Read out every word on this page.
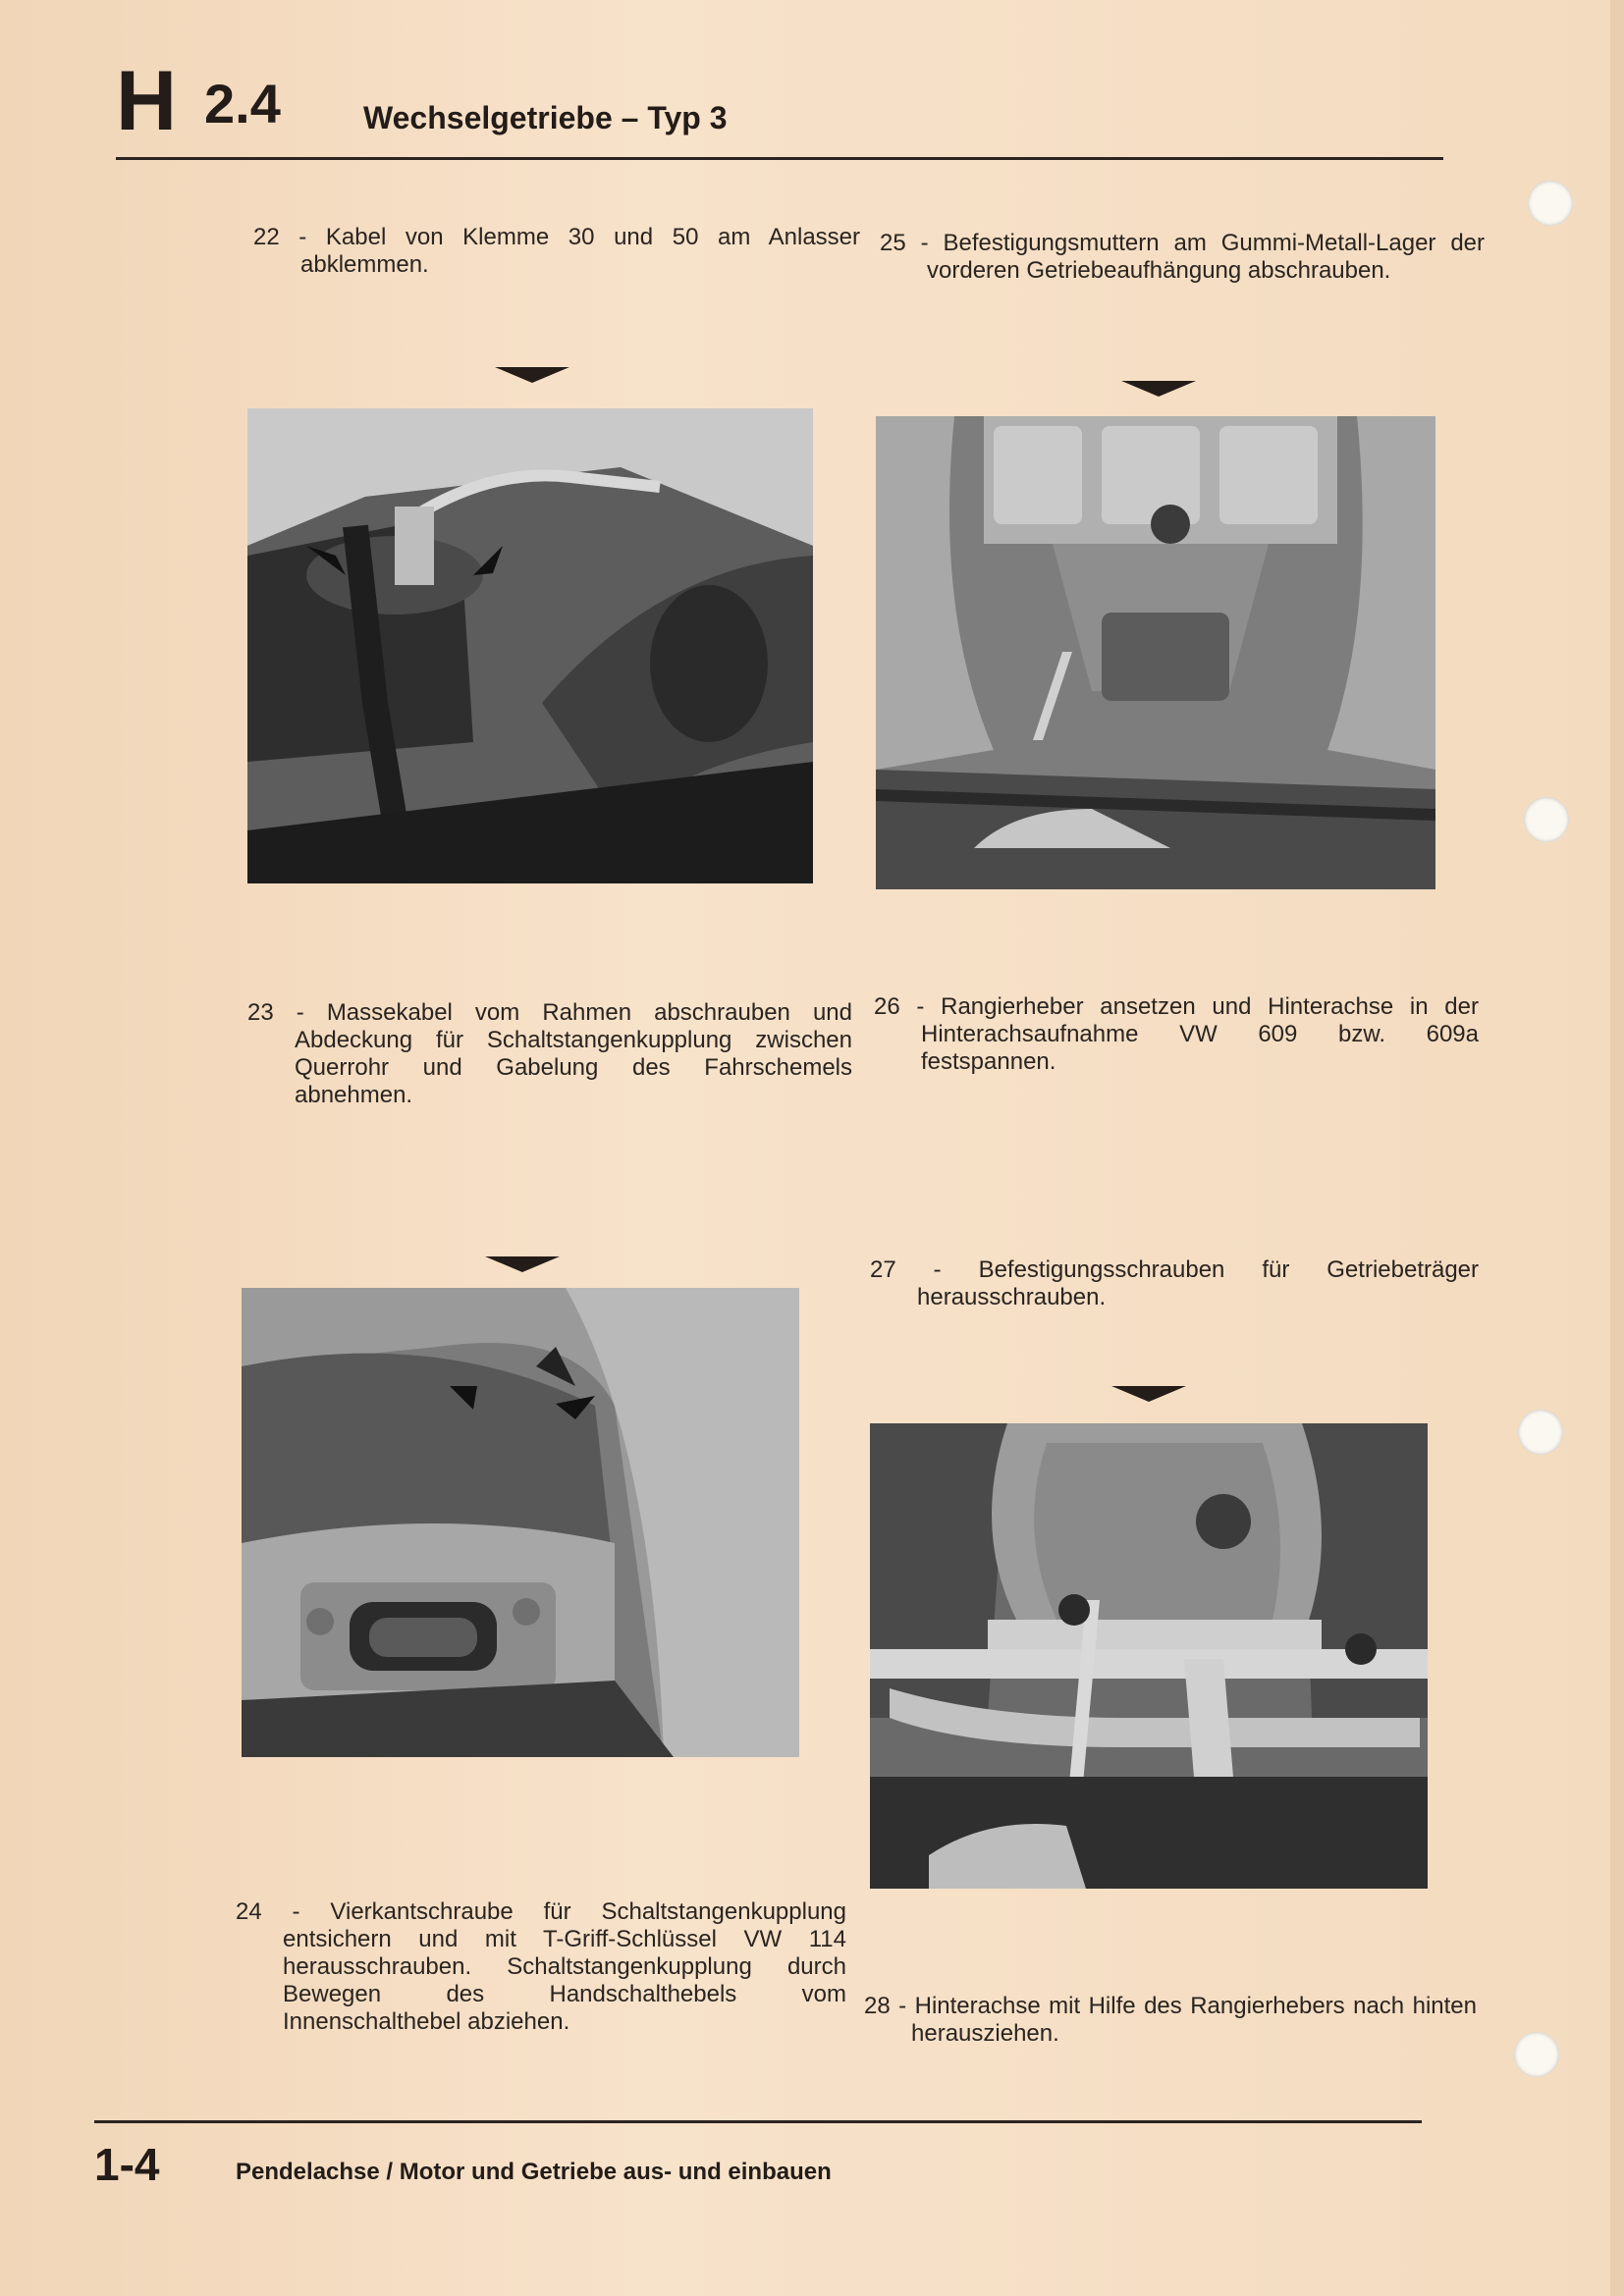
H 2.4	Wechselgetriebe – Typ 3
22 - Kabel von Klemme 30 und 50 am Anlasser abklemmen.
23 - Massekabel vom Rahmen abschrauben und Abdeckung für Schaltstangenkupplung zwischen Querrohr und Gabelung des Fahrschemels abnehmen.
24 - Vierkantschraube für Schaltstangenkupplung entsichern und mit T-Griff-Schlüssel VW 114 herausschrauben. Schaltstangenkupplung durch Bewegen des Handschalthebels vom Innenschalthebel abziehen.
25 - Befestigungsmuttern am Gummi-Metall-Lager der vorderen Getriebeaufhängung abschrauben.
26 - Rangierheber ansetzen und Hinterachse in der Hinterachsaufnahme VW 609 bzw. 609a festspannen.
27 - Befestigungsschrauben für Getriebeträger herausschrauben.
28 - Hinterachse mit Hilfe des Rangierhebers nach hinten herausziehen.
1-4	Pendelachse / Motor und Getriebe aus- und einbauen
